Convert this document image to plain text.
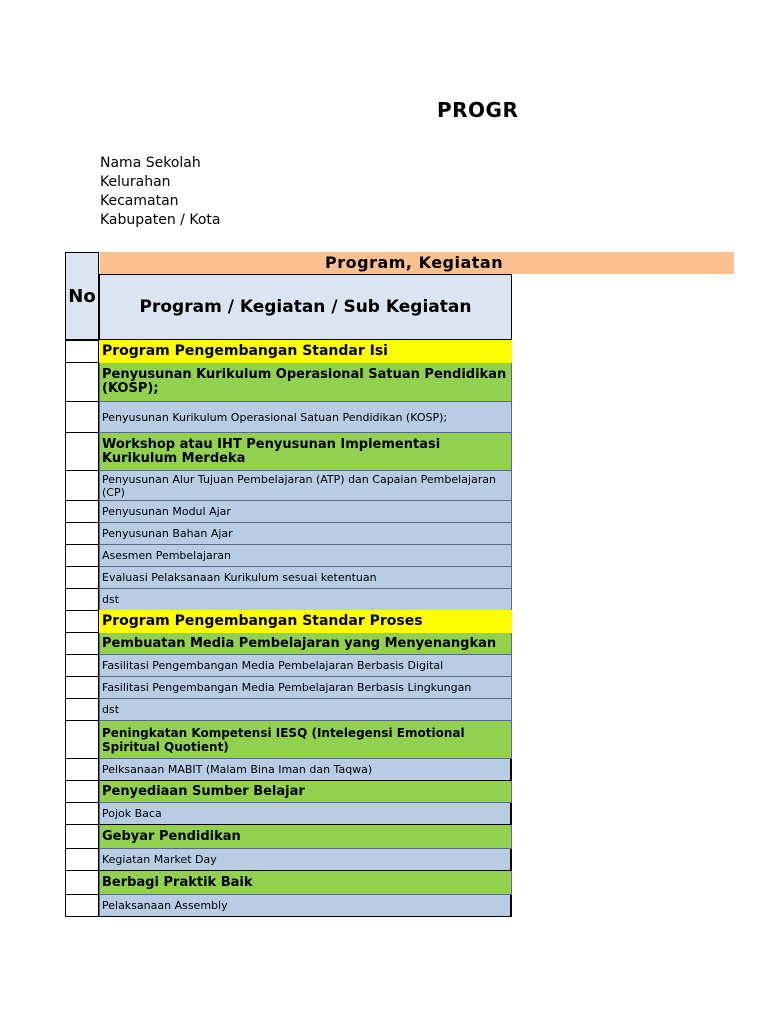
PROGR
Nama Sekolah
Kelurahan
Kecamatan
Kabupaten / Kota
No
Program, Kegiatan
Program / Kegiatan / Sub Kegiatan
Program Pengembangan Standar Isi
Penyusunan Kurikulum Operasional Satuan Pendidikan (KOSP);
Penyusunan Kurikulum Operasional Satuan Pendidikan (KOSP);
Workshop atau IHT Penyusunan Implementasi Kurikulum Merdeka
Penyusunan Alur Tujuan Pembelajaran (ATP) dan Capaian Pembelajaran (CP)
Penyusunan Modul Ajar
Penyusunan Bahan Ajar
Asesmen Pembelajaran
Evaluasi Pelaksanaan Kurikulum sesuai ketentuan
dst
Program Pengembangan Standar Proses
Pembuatan Media Pembelajaran yang Menyenangkan
Fasilitasi Pengembangan Media Pembelajaran Berbasis Digital
Fasilitasi Pengembangan Media Pembelajaran Berbasis Lingkungan
dst
Peningkatan Kompetensi IESQ (Intelegensi Emotional Spiritual Quotient)
Pelksanaan MABIT (Malam Bina Iman dan Taqwa)
Penyediaan Sumber Belajar
Pojok Baca
Gebyar Pendidikan
Kegiatan Market Day
Berbagi Praktik Baik
Pelaksanaan Assembly
